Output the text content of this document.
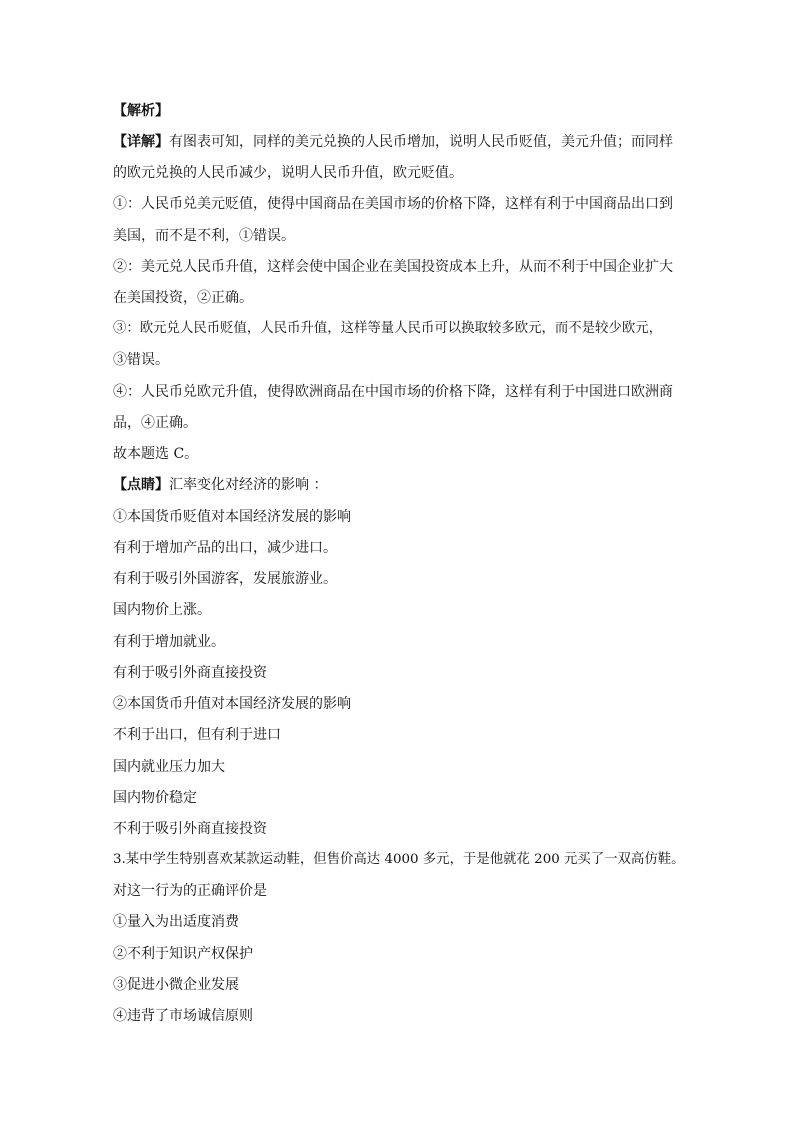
【解析】
【详解】有图表可知，同样的美元兑换的人民币增加，说明人民币贬值，美元升值；而同样
的欧元兑换的人民币减少，说明人民币升值，欧元贬值。
①：人民币兑美元贬值，使得中国商品在美国市场的价格下降，这样有利于中国商品出口到
美国，而不是不利，①错误。
②：美元兑人民币升值，这样会使中国企业在美国投资成本上升，从而不利于中国企业扩大
在美国投资，②正确。
③：欧元兑人民币贬值，人民币升值，这样等量人民币可以换取较多欧元，而不是较少欧元，
③错误。
④：人民币兑欧元升值，使得欧洲商品在中国市场的价格下降，这样有利于中国进口欧洲商
品，④正确。
故本题选 C。
【点睛】汇率变化对经济的影响 ：
①本国货币贬值对本国经济发展的影响
有利于增加产品的出口，减少进口。
有利于吸引外国游客，发展旅游业。
国内物价上涨。
有利于增加就业。
有利于吸引外商直接投资
②本国货币升值对本国经济发展的影响
不利于出口，但有利于进口
国内就业压力加大
国内物价稳定
不利于吸引外商直接投资
3.某中学生特别喜欢某款运动鞋，但售价高达 4000 多元，于是他就花 200 元买了一双高仿鞋。
对这一行为的正确评价是
①量入为出适度消费
②不利于知识产权保护
③促进小微企业发展
④违背了市场诚信原则
